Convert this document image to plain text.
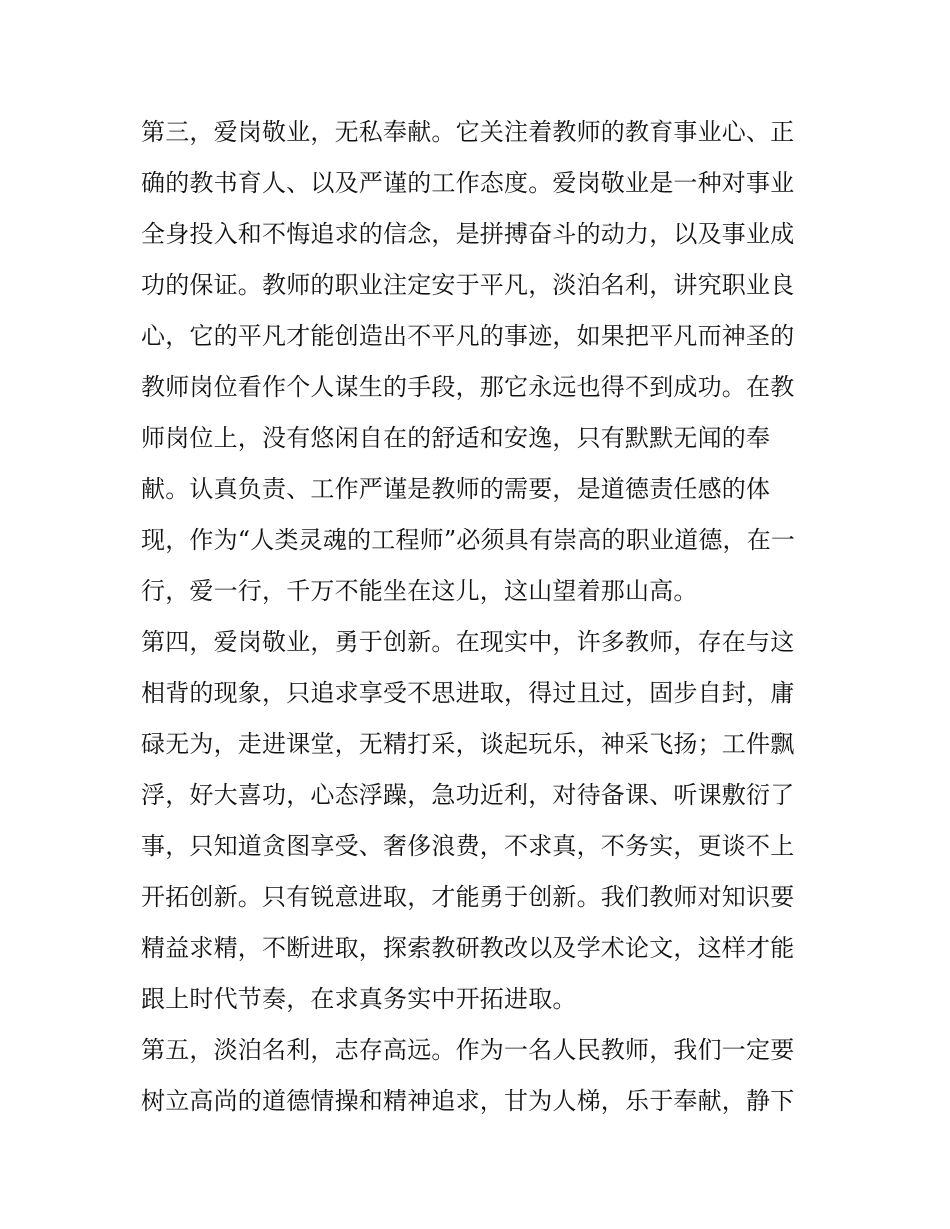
第三，爱岗敬业，无私奉献。它关注着教师的教育事业心、正
确的教书育人、以及严谨的工作态度。爱岗敬业是一种对事业
全身投入和不悔追求的信念，是拼搏奋斗的动力，以及事业成
功的保证。教师的职业注定安于平凡，淡泊名利，讲究职业良
心，它的平凡才能创造出不平凡的事迹，如果把平凡而神圣的
教师岗位看作个人谋生的手段，那它永远也得不到成功。在教
师岗位上，没有悠闲自在的舒适和安逸，只有默默无闻的奉
献。认真负责、工作严谨是教师的需要，是道德责任感的体
现，作为“人类灵魂的工程师”必须具有崇高的职业道德，在一
行，爱一行，千万不能坐在这儿，这山望着那山高。
第四，爱岗敬业，勇于创新。在现实中，许多教师，存在与这
相背的现象，只追求享受不思进取，得过且过，固步自封，庸
碌无为，走进课堂，无精打采，谈起玩乐，神采飞扬；工件飘
浮，好大喜功，心态浮躁，急功近利，对待备课、听课敷衍了
事，只知道贪图享受、奢侈浪费，不求真，不务实，更谈不上
开拓创新。只有锐意进取，才能勇于创新。我们教师对知识要
精益求精，不断进取，探索教研教改以及学术论文，这样才能
跟上时代节奏，在求真务实中开拓进取。
第五，淡泊名利，志存高远。作为一名人民教师，我们一定要
树立高尚的道德情操和精神追求，甘为人梯，乐于奉献，静下
